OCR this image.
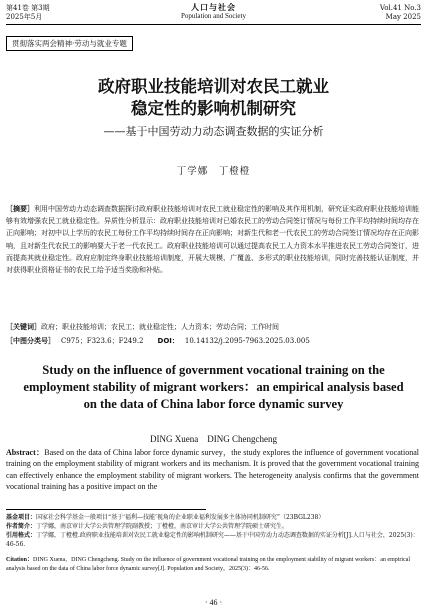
第41卷 第3期
2025年5月
人口与社会
Population and Society
Vol.41 No.3
May 2025
贯彻落实两会精神·劳动与就业专题
政府职业技能培训对农民工就业
稳定性的影响机制研究
——基于中国劳动力动态调查数据的实证分析
丁学娜　丁橙橙
［摘要］利用中国劳动力动态调查数据探讨政府职业技能培训对农民工就业稳定性的影响及其作用机制，研究证实政府职业技能培训能够有效增强农民工就业稳定性。异质性分析显示：政府职业技能培训对已婚农民工的劳动合同签订情况与每份工作平均持续时间均存在正向影响；对初中以上学历的农民工每份工作平均持续时间存在正向影响；对新生代和老一代农民工的劳动合同签订情况均存在正向影响，且对新生代农民工的影响要大于老一代农民工。政府职业技能培训可以通过提高农民工人力资本水平推进农民工劳动合同签订，进而提高其就业稳定性。政府应制定终身职业技能培训制度，开展大规模、广覆盖、多形式的职业技能培训，同时完善技能认证制度，并对获得职业资格证书的农民工给予适当奖励和补贴。
［关键词］政府；职业技能培训；农民工；就业稳定性；人力资本；劳动合同；工作时间
［中图分类号］ C975；F323.6；F249.2 DOI： 10.14132/j.2095-7963.2025.03.005
Study on the influence of government vocational training on the employment stability of migrant workers：an empirical analysis based on the data of China labor force dynamic survey
DING Xuena　DING Chengcheng
Abstract：Based on the data of China labor force dynamic survey，the study explores the influence of government vocational training on the employment stability of migrant workers and its mechanism. It is proved that the government vocational training can effectively enhance the employment stability of migrant workers. The heterogeneity analysis confirms that the government vocational training has a positive impact on the
基金项目：国家社会科学基金一般项目“基于‘福利—技能’视角的企业职业福利发展多主体协同机制研究”（23BGL238）
作者简介：丁学娜，南京审计大学公共管理学院副教授；丁橙橙，南京审计大学公共管理学院硕士研究生。
引用格式：丁学娜，丁橙橙.政府职业技能培训对农民工就业稳定性的影响机制研究——基于中国劳动力动态调查数据的实证分析[J].人口与社会，2025(3)：46-56.
Citation：DING Xuena，DING Chengcheng. Study on the influence of government vocational training on the employment stability of migrant workers：an empirical analysis based on the data of China labor force dynamic survey[J]. Population and Society，2025(3)：46-56.
· 46 ·
